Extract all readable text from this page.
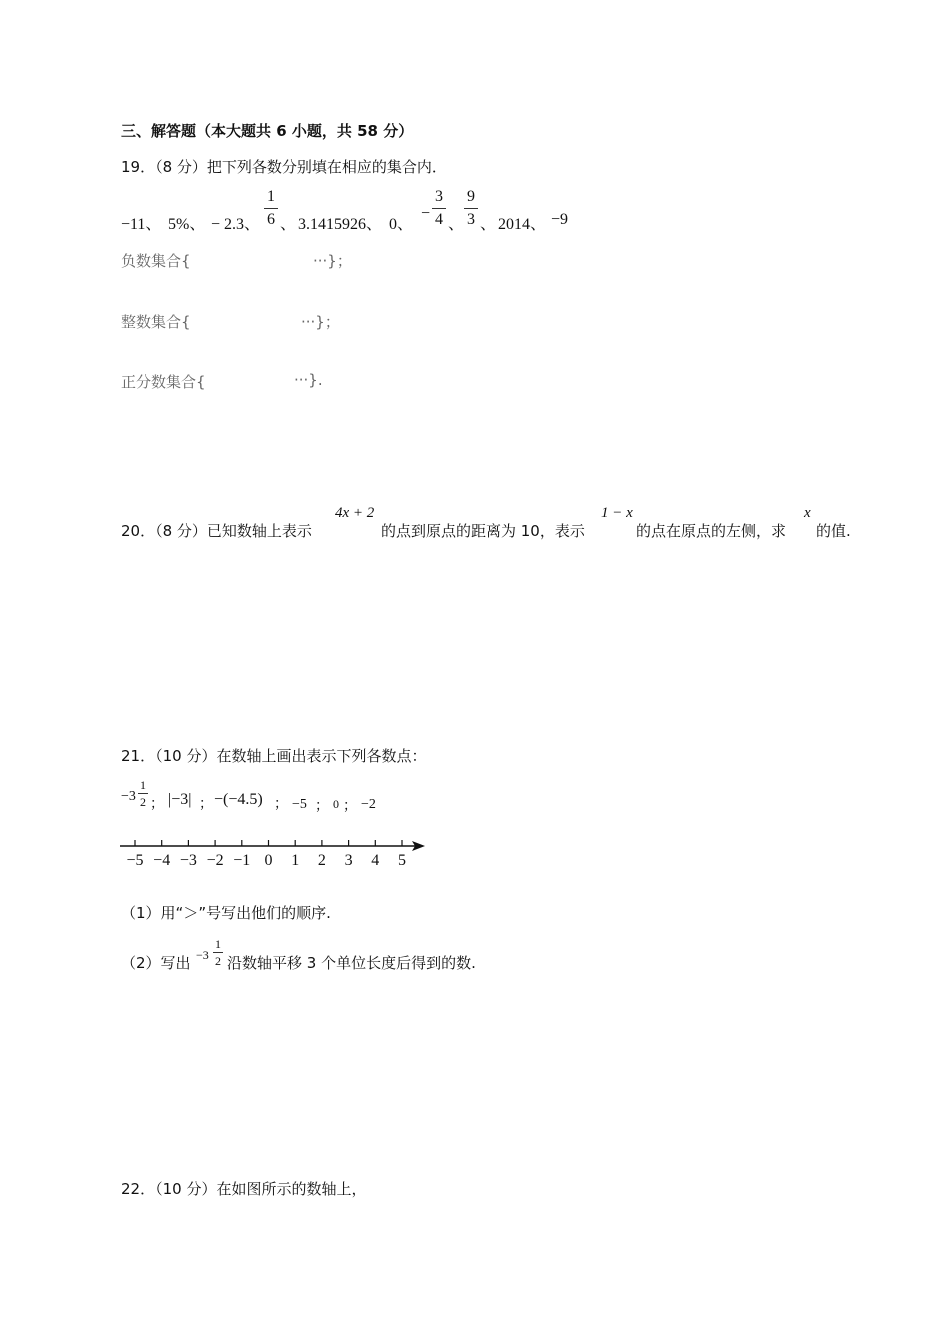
三、解答题（本大题共 6 小题，共 58 分）
19．（8 分）把下列各数分别填在相应的集合内．
−11、 5%、 − 2.3、
1
6 、 3.1415926、 0、
−
3
4 、
9
3 、 2014、 −9
负数集合{	···}；
整数集合{	···}；
正分数集合{	···}.
20．（8 分）已知数轴上表示
4x + 2
的点到原点的距离为 10，表示
1 − x
的点在原点的左侧，求
x
的值.
21．（10 分）在数轴上画出表示下列各数点：
−3
1
2 ； |−3| ； −(−4.5) ； −5 ； 0 ； −2
−5 −4 −3 −2 −1 0 1 2 3 4 5
（1）用“＞”号写出他们的顺序.
（2）写出 −3
1
2 沿数轴平移 3 个单位长度后得到的数.
22．（10 分）在如图所示的数轴上，
